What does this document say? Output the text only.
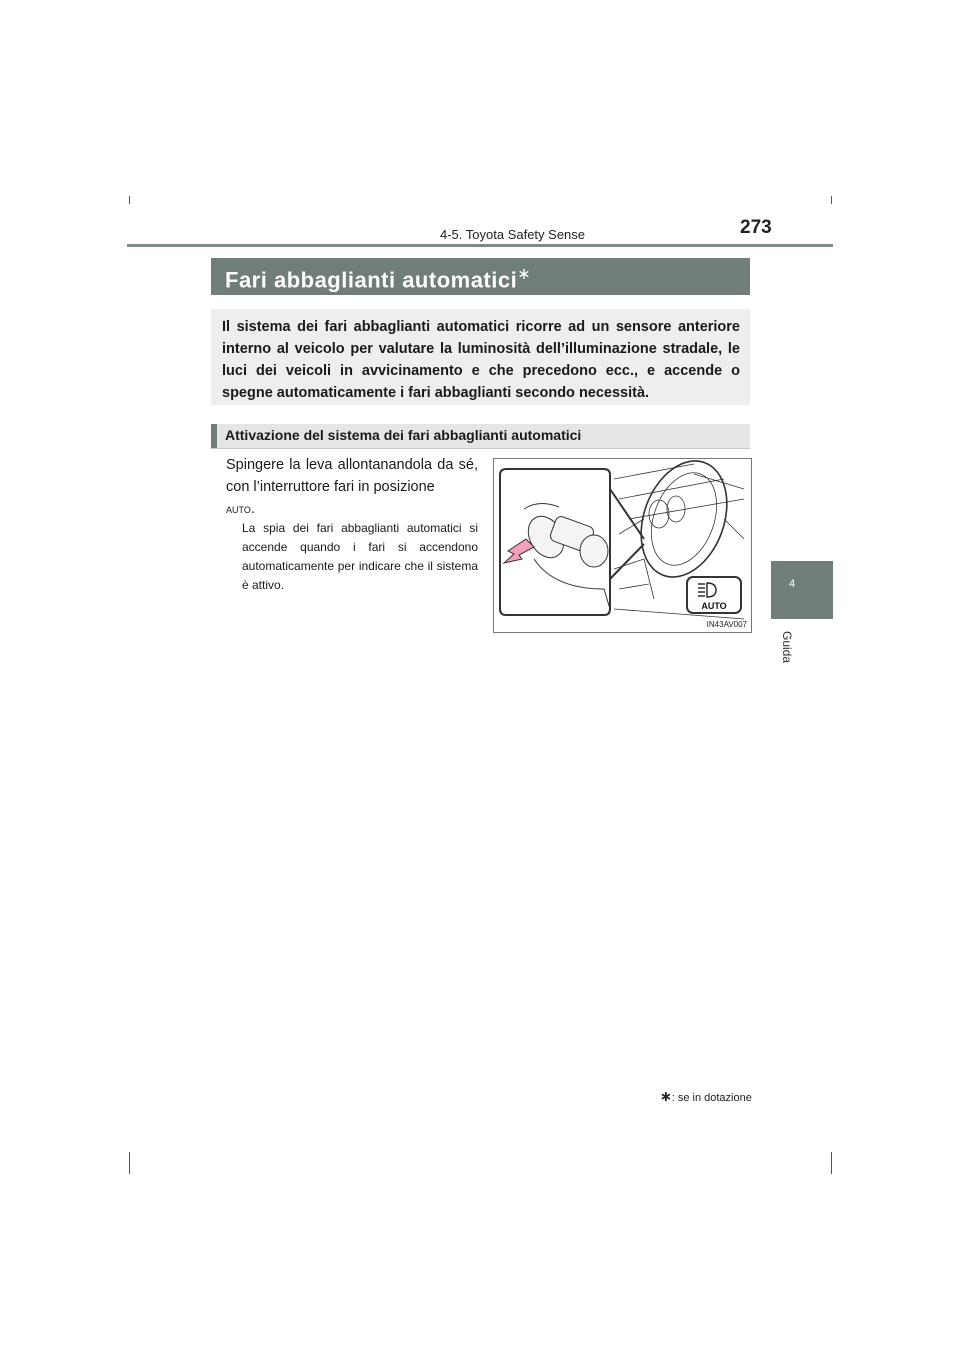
4-5. Toyota Safety Sense	273
4
Guida
Fari abbaglianti automatici∗
Il sistema dei fari abbaglianti automatici ricorre ad un sensore anteriore interno al veicolo per valutare la luminosità dell’illuminazione stradale, le luci dei veicoli in avvicinamento e che precedono ecc., e accende o spegne automaticamente i fari abbaglianti secondo necessità.
Attivazione del sistema dei fari abbaglianti automatici
Spingere la leva allontanandola da sé, con l’interruttore fari in posizione
AUTO.
La spia dei fari abbaglianti automatici si accende quando i fari si accendono automaticamente per indicare che il sistema è attivo.
AUTO
IN43AV007
∗: se in dotazione
